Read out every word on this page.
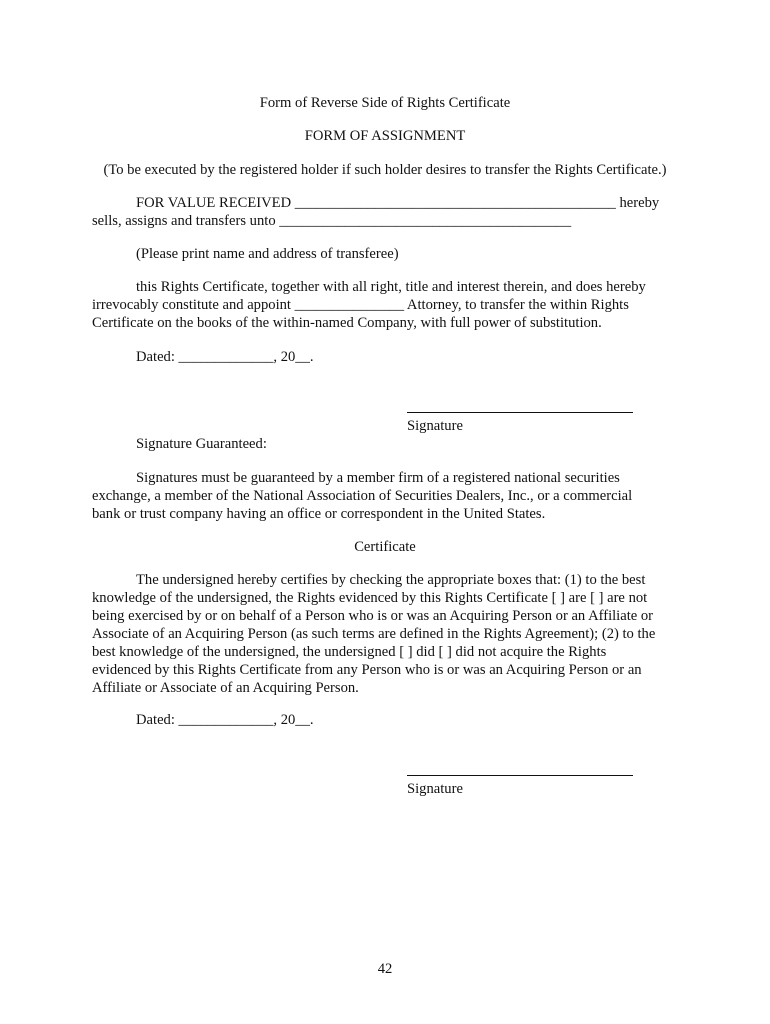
Form of Reverse Side of Rights Certificate
FORM OF ASSIGNMENT
(To be executed by the registered holder if such holder desires to transfer the Rights Certificate.)
FOR VALUE RECEIVED ____________________________________________ hereby
sells, assigns and transfers unto ________________________________________
(Please print name and address of transferee)
this Rights Certificate, together with all right, title and interest therein, and does hereby
irrevocably constitute and appoint _______________ Attorney, to transfer the within Rights
Certificate on the books of the within-named Company, with full power of substitution.
Dated: _____________, 20__.
Signature
Signature Guaranteed:
Signatures must be guaranteed by a member firm of a registered national securities
exchange, a member of the National Association of Securities Dealers, Inc., or a commercial
bank or trust company having an office or correspondent in the United States.
Certificate
The undersigned hereby certifies by checking the appropriate boxes that: (1) to the best
knowledge of the undersigned, the Rights evidenced by this Rights Certificate [ ] are [ ] are not
being exercised by or on behalf of a Person who is or was an Acquiring Person or an Affiliate or
Associate of an Acquiring Person (as such terms are defined in the Rights Agreement); (2) to the
best knowledge of the undersigned, the undersigned [ ] did [ ] did not acquire the Rights
evidenced by this Rights Certificate from any Person who is or was an Acquiring Person or an
Affiliate or Associate of an Acquiring Person.
Dated: _____________, 20__.
Signature
42
